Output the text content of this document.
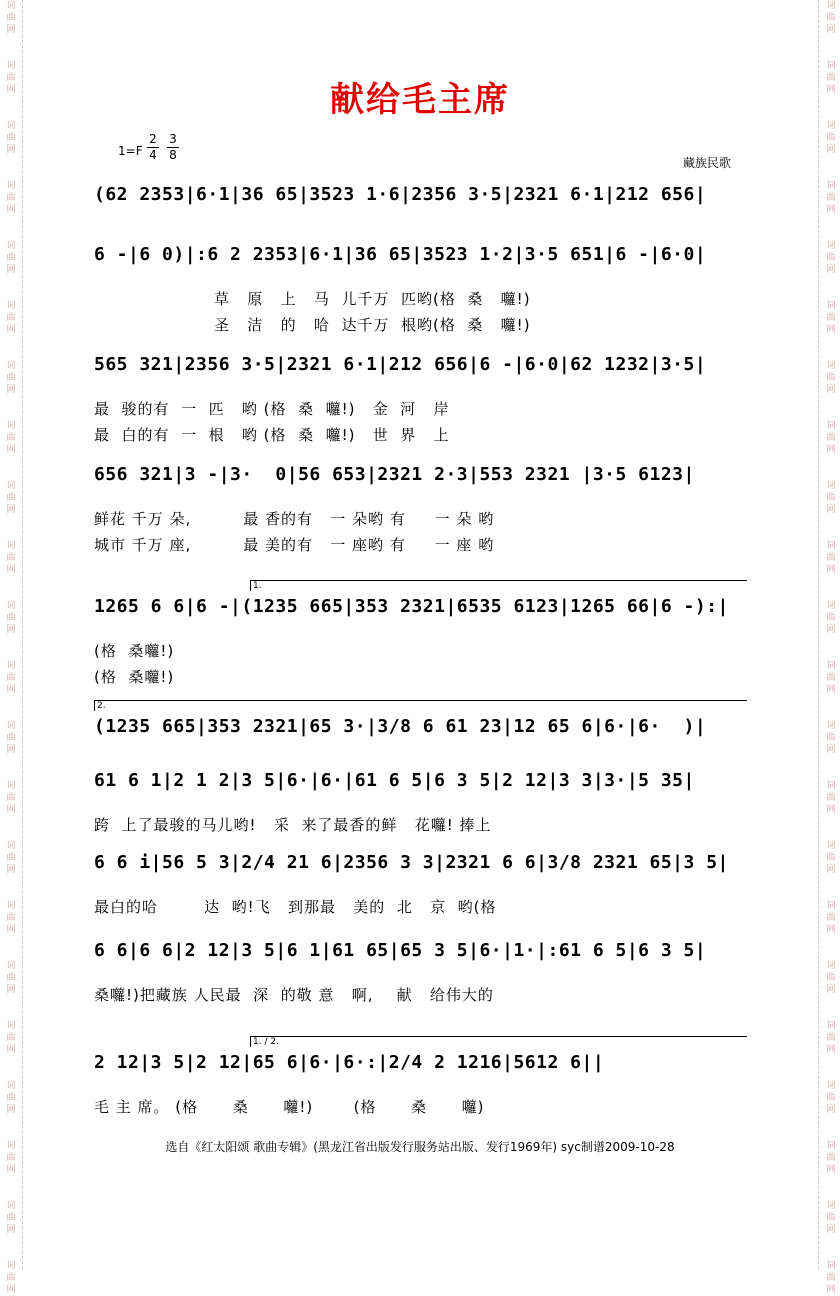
词
曲
网
词
曲
网
词
曲
网
词
曲
网
词
曲
网
词
曲
网
词
曲
网
词
曲
网
词
曲
网
词
曲
网
词
曲
网
词
曲
网
词
曲
网
词
曲
网
词
曲
网
词
曲
网
词
曲
网
词
曲
网
词
曲
网
词
曲
网
词
曲
网
词
曲
网
词
曲
网
词
曲
网
词
曲
网
词
曲
网
词
曲
网
词
曲
网
词
曲
网
词
曲
网
词
曲
网
词
曲
网
词
曲
网
词
曲
网
词
曲
网
词
曲
网
词
曲
网
词
曲
网
词
曲
网
词
曲
网
词
曲
网
词
曲
网
词
曲
网
词
曲
网
献给毛主席
1=F
2
4
3
8
藏族民歌
(62 2353|6·1|36 65|3523 1·6|2356 3·5|2321 6·1|212 656|
6 -|6 0)|:6 2 2353|6·1|36 65|3523 1·2|3·5 651|6 -|6·0|
草   原   上   马  儿千万  匹哟(格  桑   囖!)
圣   洁   的   哈  达千万  根哟(格  桑   囖!)
565 321|2356 3·5|2321 6·1|212 656|6 -|6·0|62 1232|3·5|
最  骏的有  一  匹   哟 (格  桑  囖!)   金  河   岸
最  白的有  一  根   哟 (格  桑  囖!)   世  界   上
656 321|3 -|3·  0|56 653|2321 2·3|553 2321 |3·5 6123|
鲜花 千万 朵,         最 香的有   一 朵哟 有     一 朵 哟
城市 千万 座,         最 美的有   一 座哟 有     一 座 哟
1265 6 6|6 -|(1235 665|353 2321|6535 6123|1265 66|6 -):|
1.
(格  桑囖!)
(格  桑囖!)
(1235 665|353 2321|65 3·|3/8 6 61 23|12 65 6|6·|6·  )|
2.
61 6 1|2 1 2|3 5|6·|6·|61 6 5|6 3 5|2 12|3 3|3·|5 35|
跨  上了最骏的马儿哟!   采  来了最香的鲜   花囖! 捧上
6 6 i|56 5 3|2/4 21 6|2356 3 3|2321 6 6|3/8 2321 65|3 5|
最白的哈        达  哟!飞   到那最   美的  北   京  哟(格
6 6|6 6|2 12|3 5|6 1|61 65|65 3 5|6·|1·|:61 6 5|6 3 5|
桑囖!)把藏族 人民最  深  的敬 意   啊,    献   给伟大的
2 12|3 5|2 12|65 6|6·|6·:|2/4 2 1216|5612 6||
1. / 2.
毛 主 席。 (格      桑      囖!)       (格      桑      囖)
选自《红太阳颂 歌曲专辑》(黑龙江省出版发行服务站出版、发行1969年) syc制谱2009-10-28
